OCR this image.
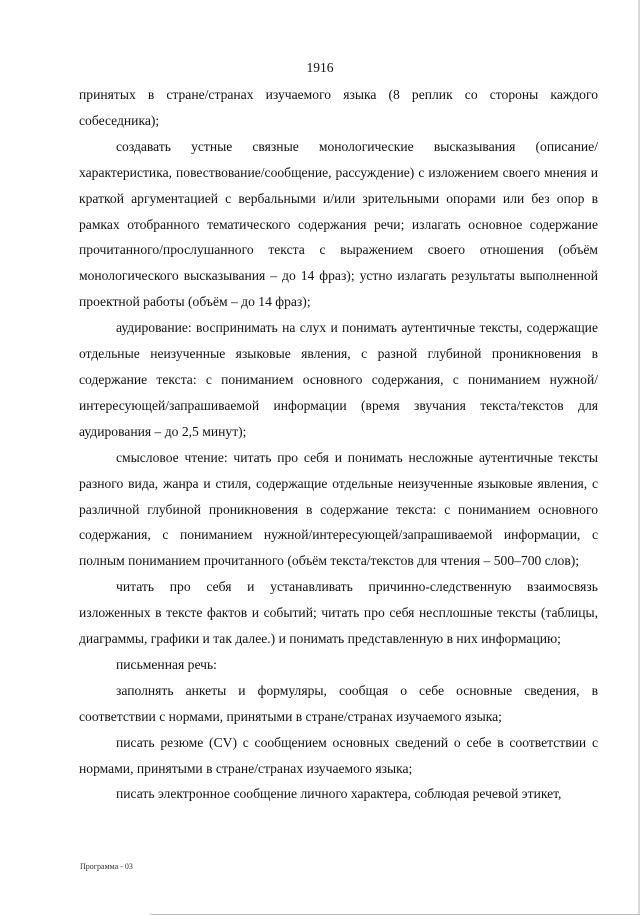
1916

принятых в стране/странах изучаемого языка (8 реплик со стороны каждого собеседника);

создавать устные связные монологические высказывания (описание/характеристика, повествование/сообщение, рассуждение) с изложением своего мнения и краткой аргументацией с вербальными и/или зрительными опорами или без опор в рамках отобранного тематического содержания речи; излагать основное содержание прочитанного/прослушанного текста с выражением своего отношения (объём монологического высказывания – до 14 фраз); устно излагать результаты выполненной проектной работы (объём – до 14 фраз);

аудирование: воспринимать на слух и понимать аутентичные тексты, содержащие отдельные неизученные языковые явления, с разной глубиной проникновения в содержание текста: с пониманием основного содержания, с пониманием нужной/интересующей/запрашиваемой информации (время звучания текста/текстов для аудирования – до 2,5 минут);

смысловое чтение: читать про себя и понимать несложные аутентичные тексты разного вида, жанра и стиля, содержащие отдельные неизученные языковые явления, с различной глубиной проникновения в содержание текста: с пониманием основного содержания, с пониманием нужной/интересующей/запрашиваемой информации, с полным пониманием прочитанного (объём текста/текстов для чтения – 500–700 слов);

читать про себя и устанавливать причинно-следственную взаимосвязь изложенных в тексте фактов и событий; читать про себя несплошные тексты (таблицы, диаграммы, графики и так далее.) и понимать представленную в них информацию;

письменная речь:

заполнять анкеты и формуляры, сообщая о себе основные сведения, в соответствии с нормами, принятыми в стране/странах изучаемого языка;

писать резюме (CV) с сообщением основных сведений о себе в соответствии с нормами, принятыми в стране/странах изучаемого языка;

писать электронное сообщение личного характера, соблюдая речевой этикет,

Программа - 03
